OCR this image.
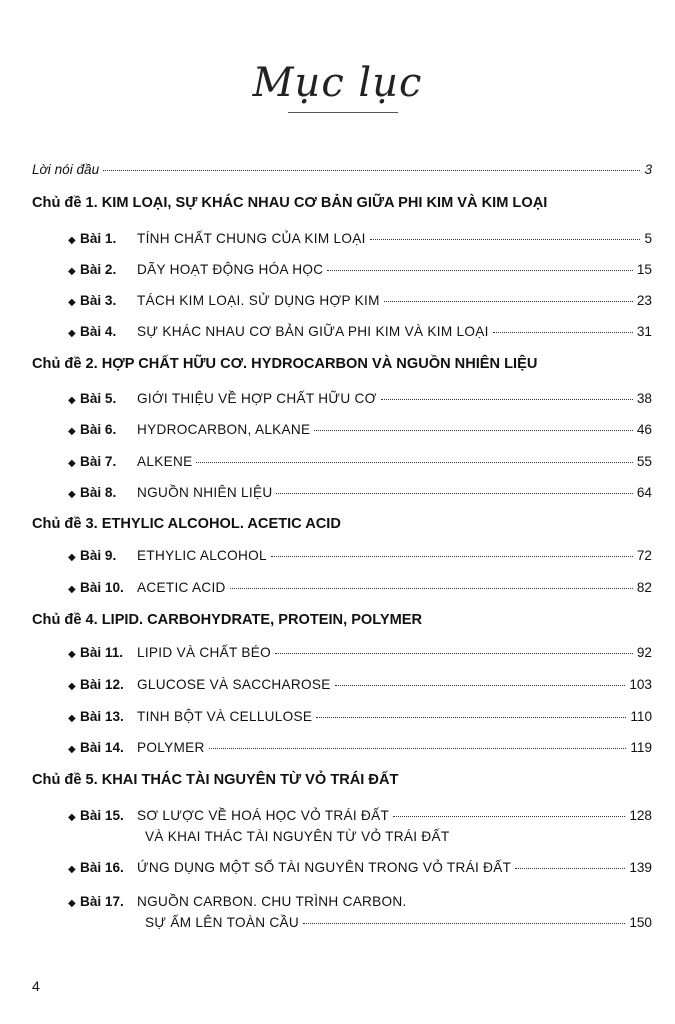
Mục lục
Lời nói đầu	3
Chủ đề 1. KIM LOẠI, SỰ KHÁC NHAU CƠ BẢN GIỮA PHI KIM VÀ KIM LOẠI
◆ Bài 1.	TÍNH CHẤT CHUNG CỦA KIM LOẠI	5
◆ Bài 2.	DÃY HOẠT ĐỘNG HÓA HỌC	15
◆ Bài 3.	TÁCH KIM LOẠI. SỬ DỤNG HỢP KIM	23
◆ Bài 4.	SỰ KHÁC NHAU CƠ BẢN GIỮA PHI KIM VÀ KIM LOẠI	31
Chủ đề 2. HỢP CHẤT HỮU CƠ. HYDROCARBON VÀ NGUỒN NHIÊN LIỆU
◆ Bài 5.	GIỚI THIỆU VỀ HỢP CHẤT HỮU CƠ	38
◆ Bài 6.	HYDROCARBON, ALKANE	46
◆ Bài 7.	ALKENE	55
◆ Bài 8.	NGUỒN NHIÊN LIỆU	64
Chủ đề 3. ETHYLIC ALCOHOL. ACETIC ACID
◆ Bài 9.	ETHYLIC ALCOHOL	72
◆ Bài 10. ACETIC ACID	82
Chủ đề 4. LIPID. CARBOHYDRATE, PROTEIN, POLYMER
◆ Bài 11.	LIPID VÀ CHẤT BÉO	92
◆ Bài 12. GLUCOSE VÀ SACCHAROSE	103
◆ Bài 13. TINH BỘT VÀ CELLULOSE	110
◆ Bài 14. POLYMER	119
Chủ đề 5. KHAI THÁC TÀI NGUYÊN TỪ VỎ TRÁI ĐẤT
◆ Bài 15. SƠ LƯỢC VỀ HOÁ HỌC VỎ TRÁI ĐẤT	128
VÀ KHAI THÁC TÀI NGUYÊN TỪ VỎ TRÁI ĐẤT
◆ Bài 16. ỨNG DỤNG MỘT SỐ TÀI NGUYÊN TRONG VỎ TRÁI ĐẤT	139
◆ Bài 17. NGUỒN CARBON. CHU TRÌNH CARBON.
SỰ ẤM LÊN TOÀN CẦU	150
4
